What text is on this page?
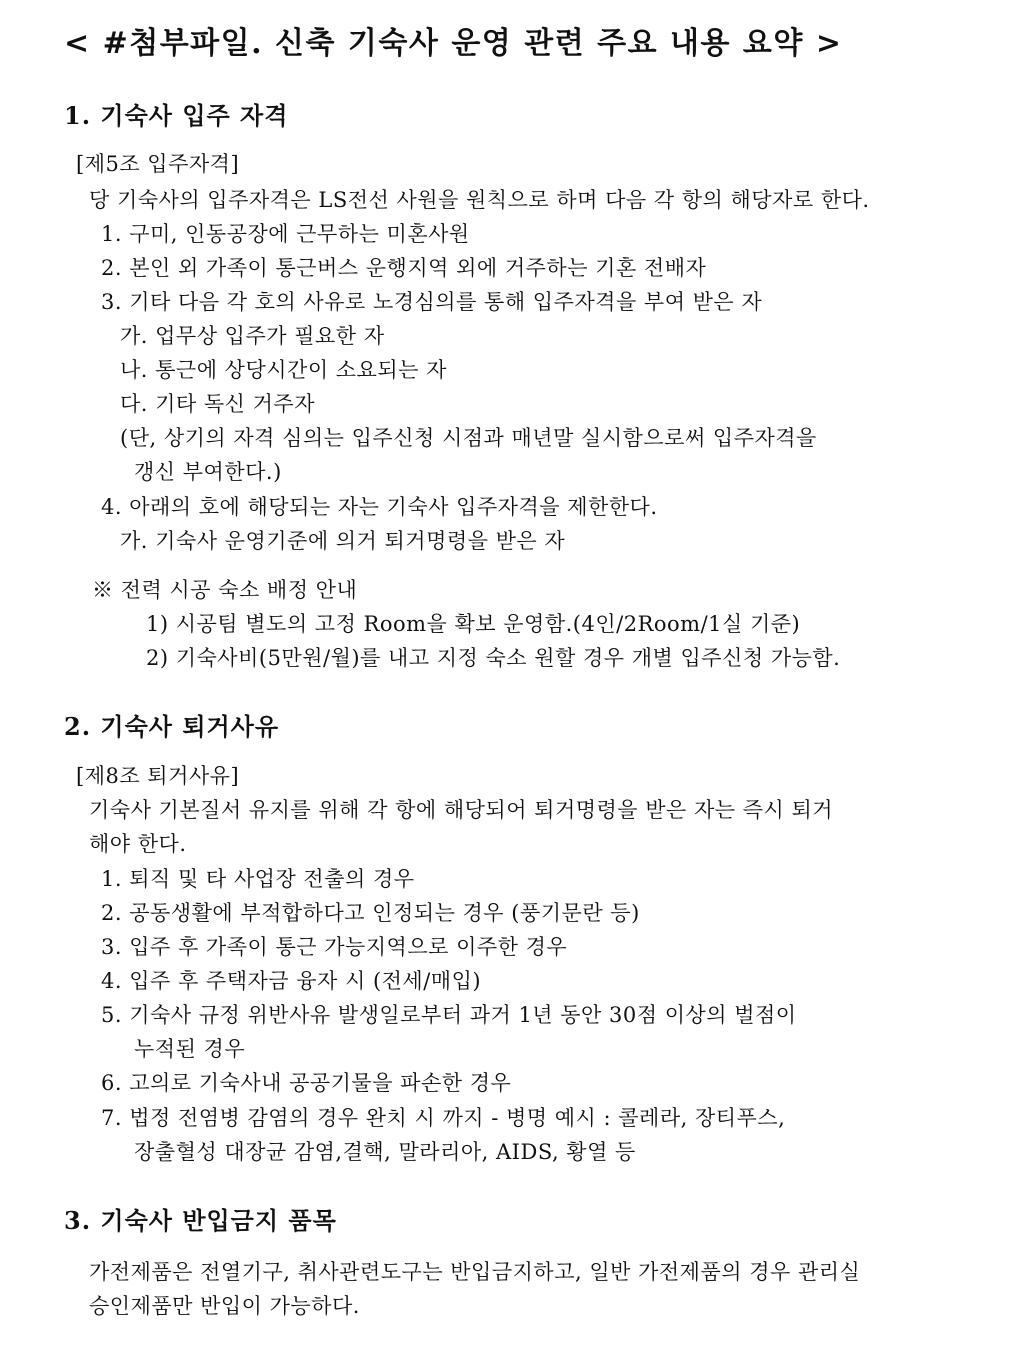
< #첨부파일. 신축 기숙사 운영 관련 주요 내용 요약 >
1. 기숙사 입주 자격
[제5조 입주자격]
당 기숙사의 입주자격은 LS전선 사원을 원칙으로 하며 다음 각 항의 해당자로 한다.
1. 구미, 인동공장에 근무하는 미혼사원
2. 본인 외 가족이 통근버스 운행지역 외에 거주하는 기혼 전배자
3. 기타 다음 각 호의 사유로 노경심의를 통해 입주자격을 부여 받은 자
가. 업무상 입주가 필요한 자
나. 통근에 상당시간이 소요되는 자
다. 기타 독신 거주자
(단, 상기의 자격 심의는 입주신청 시점과 매년말 실시함으로써 입주자격을
갱신 부여한다.)
4. 아래의 호에 해당되는 자는 기숙사 입주자격을 제한한다.
가. 기숙사 운영기준에 의거 퇴거명령을 받은 자
※ 전력 시공 숙소 배정 안내
1) 시공팀 별도의 고정 Room을 확보 운영함.(4인/2Room/1실 기준)
2) 기숙사비(5만원/월)를 내고 지정 숙소 원할 경우 개별 입주신청 가능함.
2. 기숙사 퇴거사유
[제8조 퇴거사유]
기숙사 기본질서 유지를 위해 각 항에 해당되어 퇴거명령을 받은 자는 즉시 퇴거
해야 한다.
1. 퇴직 및 타 사업장 전출의 경우
2. 공동생활에 부적합하다고 인정되는 경우 (풍기문란 등)
3. 입주 후 가족이 통근 가능지역으로 이주한 경우
4. 입주 후 주택자금 융자 시 (전세/매입)
5. 기숙사 규정 위반사유 발생일로부터 과거 1년 동안 30점 이상의 벌점이
누적된 경우
6. 고의로 기숙사내 공공기물을 파손한 경우
7. 법정 전염병 감염의 경우 완치 시 까지 - 병명 예시 : 콜레라, 장티푸스,
장출혈성 대장균 감염,결핵, 말라리아, AIDS, 황열 등
3. 기숙사 반입금지 품목
가전제품은 전열기구, 취사관련도구는 반입금지하고, 일반 가전제품의 경우 관리실
승인제품만 반입이 가능하다.
